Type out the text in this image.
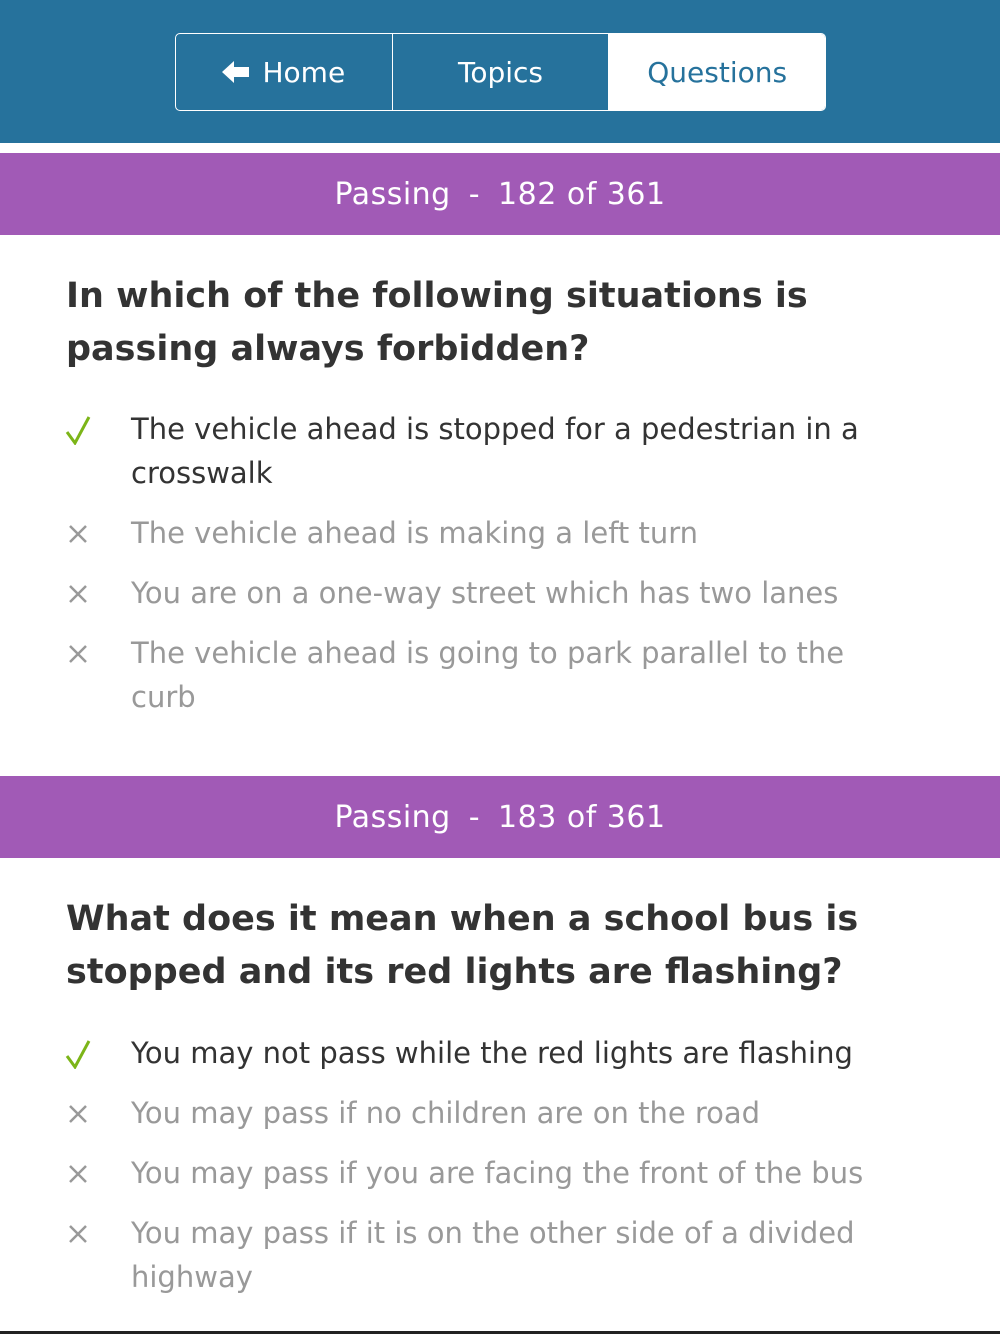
Home	Topics	Questions
Passing - 182 of 361
In which of the following situations is passing always forbidden?
The vehicle ahead is stopped for a pedestrian in a crosswalk
The vehicle ahead is making a left turn
You are on a one-way street which has two lanes
The vehicle ahead is going to park parallel to the curb
Passing - 183 of 361
What does it mean when a school bus is stopped and its red lights are flashing?
You may not pass while the red lights are flashing
You may pass if no children are on the road
You may pass if you are facing the front of the bus
You may pass if it is on the other side of a divided highway
